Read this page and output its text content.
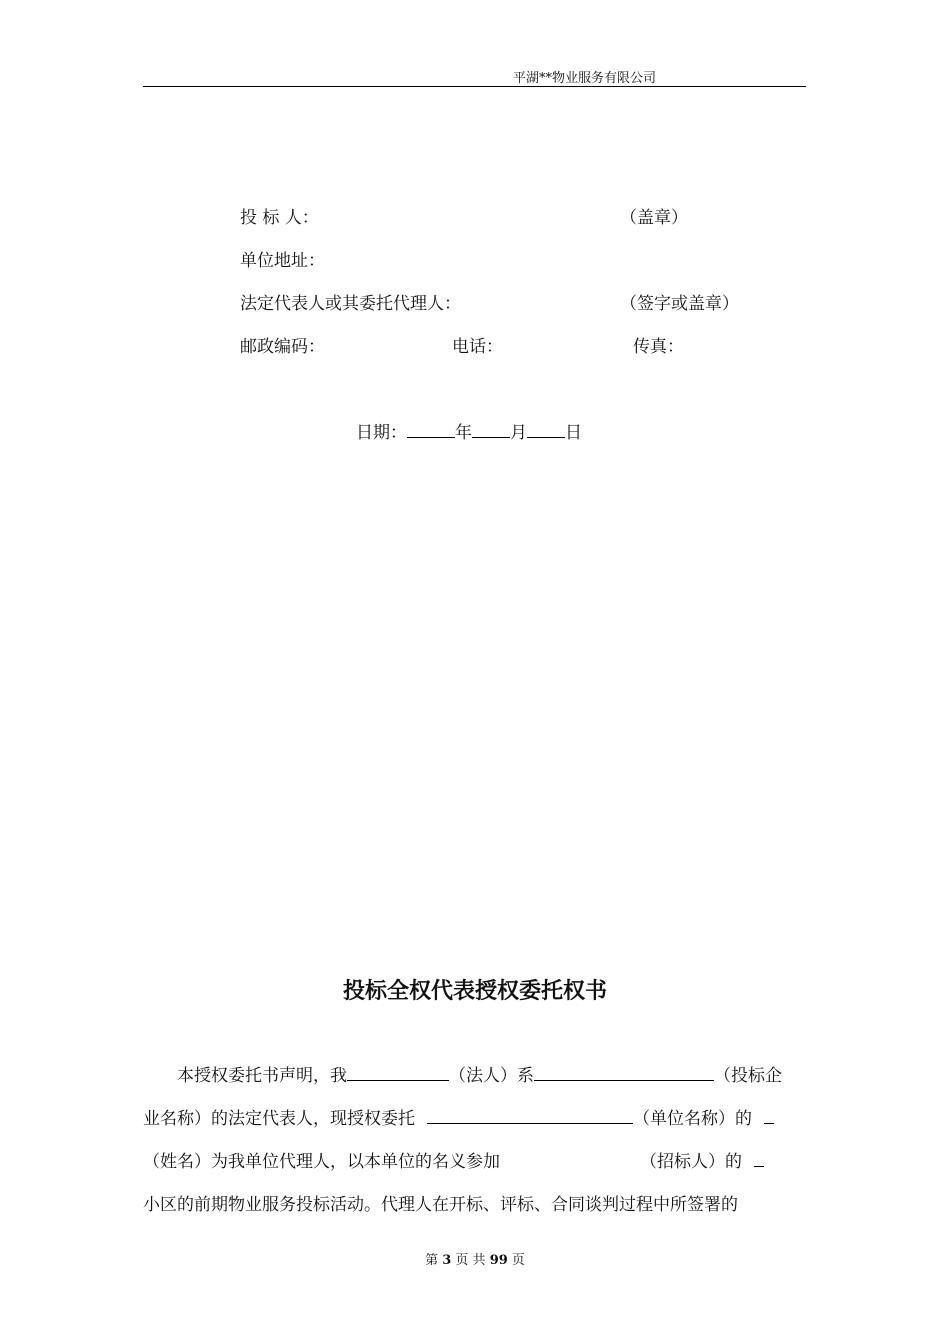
平湖**物业服务有限公司
投 标 人：	（盖章）
单位地址：
法定代表人或其委托代理人：	（签字或盖章）
邮政编码：	电话：	传真：
日期：	年 月 日
投标全权代表授权委托权书
本授权委托书声明，我	（法人）系	（投标企
业名称）的法定代表人，现授权委托	（单位名称）的
（姓名）为我单位代理人，以本单位的名义参加	（招标人）的
小区的前期物业服务投标活动。代理人在开标、评标、合同谈判过程中所签署的
第 3 页 共 99 页
